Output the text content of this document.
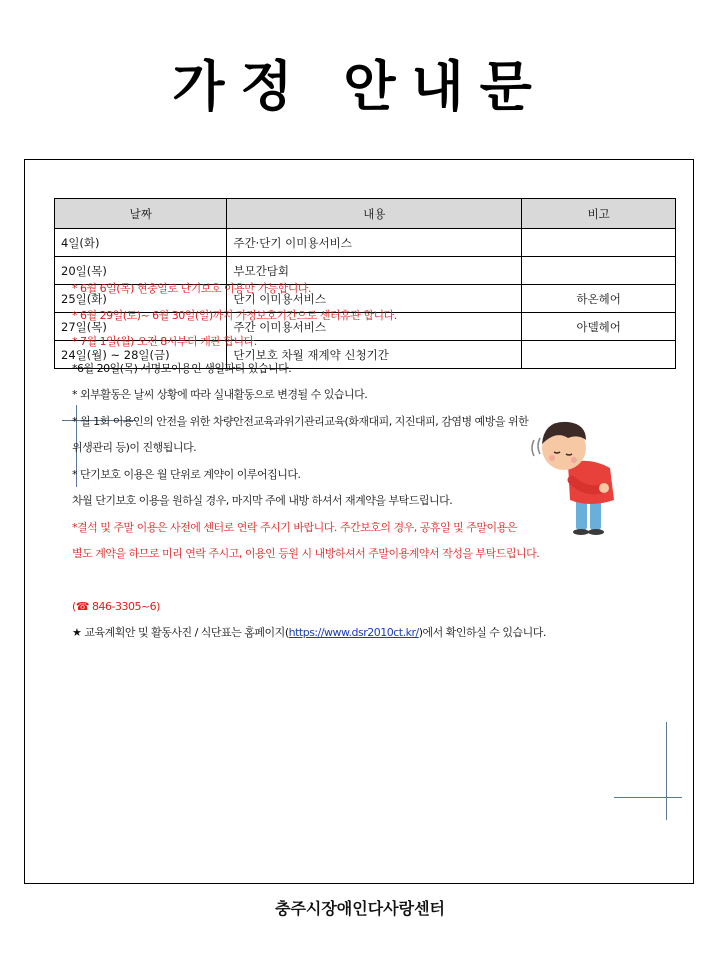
가정 안내문
날짜	내용	비고
4일(화)	주간·단기 이미용서비스	
20일(목)	부모간담회	
25일(화)	단기 이미용서비스	하온헤어
27일(목)	주간 이미용서비스	아델헤어
24일(월) ~ 28일(금)	단기보호 차월 재계약 신청기간	
* 6월 6일(목) 현충일로 단기보호 이용만 가능합니다.
* 6월 29일(토)~ 6월 30일(일)까지 가정보호기간으로 센터휴관 합니다.
* 7월 1일(월) 오전 8시부터 개관 합니다.
*6월 20일(목) 서명모이용인 생일파티 있습니다.
* 외부활동은 날씨 상황에 따라 실내활동으로 변경될 수 있습니다.
* 월 1회 이용인의 안전을 위한 차량안전교육과위기관리교육(화재대피, 지진대피, 감염병 예방을 위한
위생관리 등)이 진행됩니다.
* 단기보호 이용은 월 단위로 계약이 이루어집니다.
차월 단기보호 이용을 원하실 경우, 마지막 주에 내방 하셔서 재계약을 부탁드립니다.
*결석 및 주말 이용은 사전에 센터로 연락 주시기 바랍니다. 주간보호의 경우, 공휴일 및 주말이용은
별도 계약을 하므로 미리 연락 주시고, 이용인 등원 시 내방하셔서 주말이용계약서 작성을 부탁드립니다.
(☎ 846-3305~6)
★ 교육계획안 및 활동사진 / 식단표는 홈페이지(https://www.dsr2010ct.kr/)에서 확인하실 수 있습니다.
충주시장애인다사랑센터
